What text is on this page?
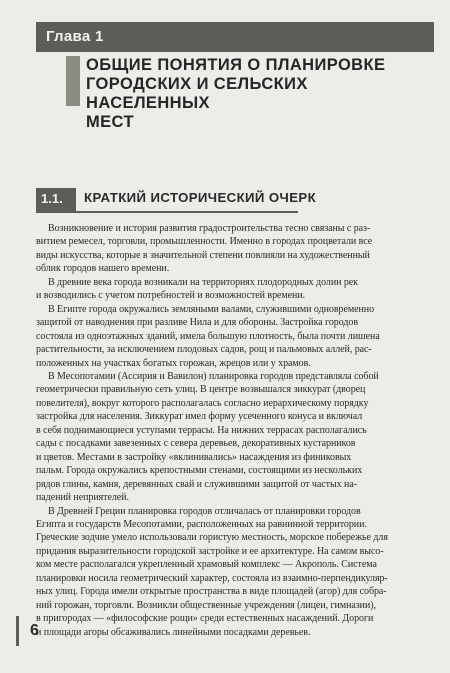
Глава 1
ОБЩИЕ ПОНЯТИЯ О ПЛАНИРОВКЕ
ГОРОДСКИХ И СЕЛЬСКИХ НАСЕЛЕННЫХ
МЕСТ
1.1. КРАТКИЙ ИСТОРИЧЕСКИЙ ОЧЕРК

Возникновение и история развития градостроительства тесно связаны с раз-
витием ремесел, торговли, промышленности. Именно в городах процветали все
виды искусства, которые в значительной степени повлияли на художественный
облик городов нашего времени.

В древние века города возникали на территориях плодородных долин рек
и возводились с учетом потребностей и возможностей времени.

В Египте города окружались земляными валами, служившими одновременно
защитой от наводнения при разливе Нила и для обороны. Застройка городов
состояла из одноэтажных зданий, имела большую плотность, была почти лишена
растительности, за исключением плодовых садов, рощ и пальмовых аллей, рас-
положенных на участках богатых горожан, жрецов или у храмов.

В Месопотамии (Ассирия и Вавилон) планировка городов представляла собой
геометрически правильную сеть улиц. В центре возвышался зиккурат (дворец
повелителя), вокруг которого располагалась согласно иерархическому порядку
застройка для населения. Зиккурат имел форму усеченного конуса и включал
в себя поднимающиеся уступами террасы. На нижних террасах располагались
сады с посадками завезенных с севера деревьев, декоративных кустарников
и цветов. Местами в застройку «вклинивались» насаждения из финиковых
пальм. Города окружались крепостными стенами, состоящими из нескольких
рядов глины, камня, деревянных свай и служившими защитой от частых на-
падений неприятелей.

В Древней Греции планировка городов отличалась от планировки городов
Египта и государств Месопотамии, расположенных на равнинной территории.
Греческие зодчие умело использовали гористую местность, морское побережье для
придания выразительности городской застройке и ее архитектуре. На самом высо-
ком месте располагался укрепленный храмовый комплекс — Акрополь. Система
планировки носила геометрический характер, состояла из взаимно-перпендикуляр-
ных улиц. Города имели открытые пространства в виде площадей (агор) для собра-
ний горожан, торговли. Возникли общественные учреждения (лицеи, гимназии),
в пригородах — «философские рощи» среди естественных насаждений. Дороги
и площади агоры обсаживались линейными посадками деревьев.

6
